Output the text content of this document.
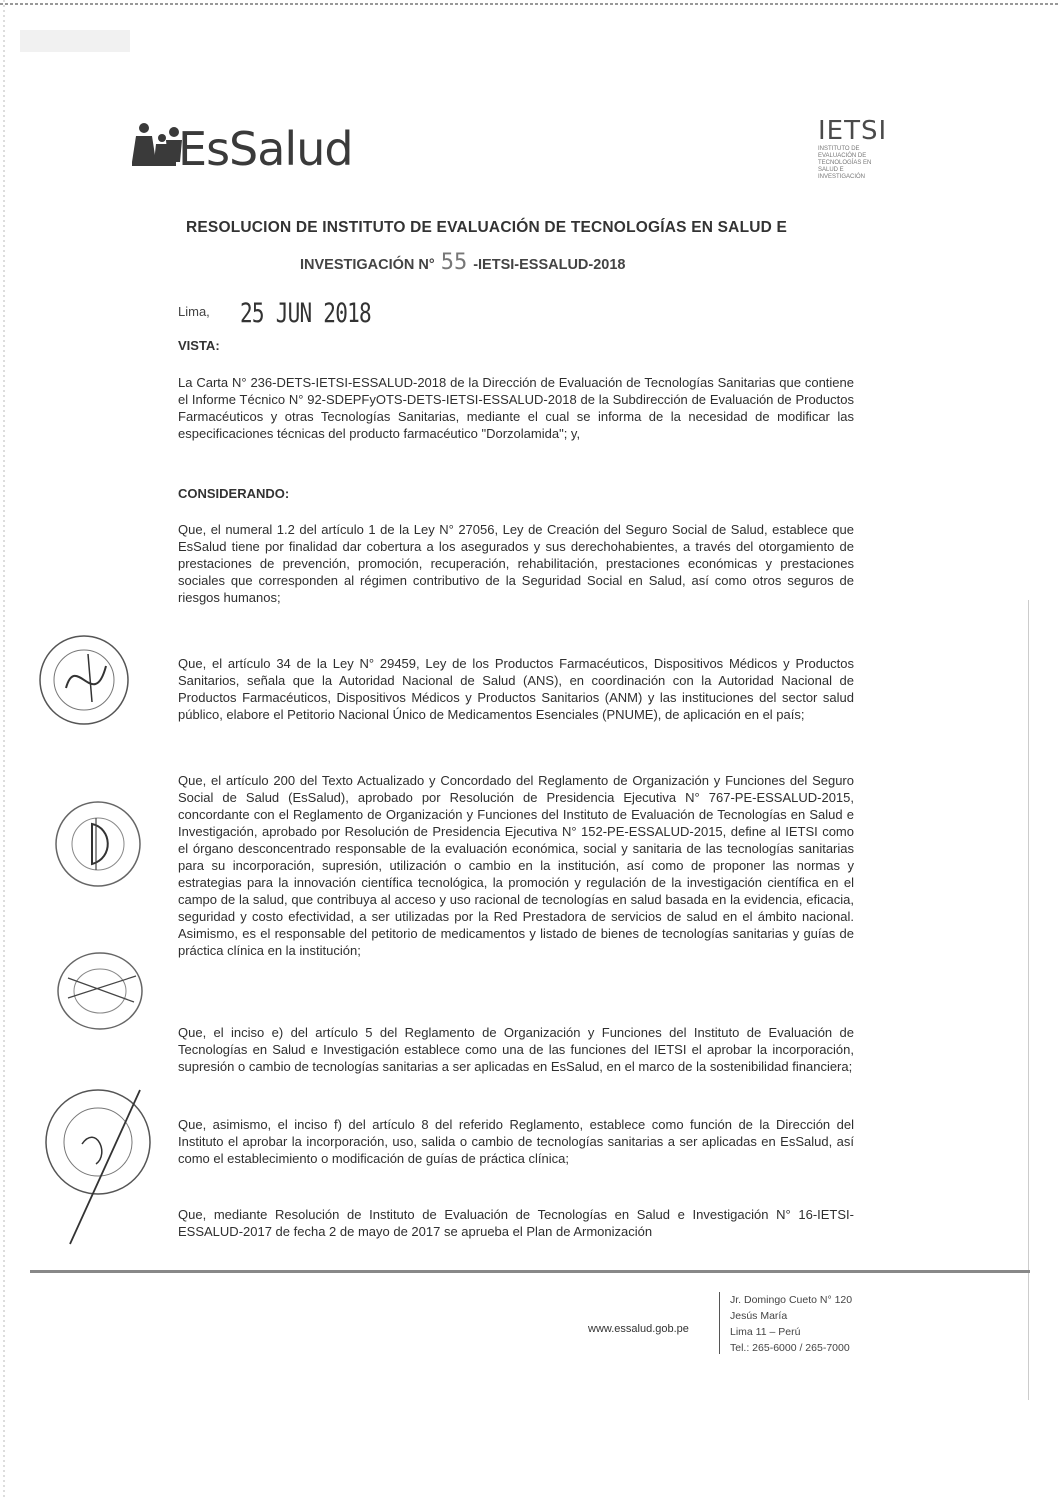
EsSalud	IETSI
INSTITUTO DE EVALUACIÓN DE TECNOLOGÍAS EN SALUD E INVESTIGACIÓN
RESOLUCION DE INSTITUTO DE EVALUACIÓN DE TECNOLOGÍAS EN SALUD E
INVESTIGACIÓN N° 55 -IETSI-ESSALUD-2018
Lima, 25 JUN 2018
VISTA:
La Carta N° 236-DETS-IETSI-ESSALUD-2018 de la Dirección de Evaluación de Tecnologías Sanitarias que contiene el Informe Técnico N° 92-SDEPFyOTS-DETS-IETSI-ESSALUD-2018 de la Subdirección de Evaluación de Productos Farmacéuticos y otras Tecnologías Sanitarias, mediante el cual se informa de la necesidad de modificar las especificaciones técnicas del producto farmacéutico "Dorzolamida"; y,
CONSIDERANDO:
Que, el numeral 1.2 del artículo 1 de la Ley N° 27056, Ley de Creación del Seguro Social de Salud, establece que EsSalud tiene por finalidad dar cobertura a los asegurados y sus derechohabientes, a través del otorgamiento de prestaciones de prevención, promoción, recuperación, rehabilitación, prestaciones económicas y prestaciones sociales que corresponden al régimen contributivo de la Seguridad Social en Salud, así como otros seguros de riesgos humanos;
Que, el artículo 34 de la Ley N° 29459, Ley de los Productos Farmacéuticos, Dispositivos Médicos y Productos Sanitarios, señala que la Autoridad Nacional de Salud (ANS), en coordinación con la Autoridad Nacional de Productos Farmacéuticos, Dispositivos Médicos y Productos Sanitarios (ANM) y las instituciones del sector salud público, elabore el Petitorio Nacional Único de Medicamentos Esenciales (PNUME), de aplicación en el país;
Que, el artículo 200 del Texto Actualizado y Concordado del Reglamento de Organización y Funciones del Seguro Social de Salud (EsSalud), aprobado por Resolución de Presidencia Ejecutiva N° 767-PE-ESSALUD-2015, concordante con el Reglamento de Organización y Funciones del Instituto de Evaluación de Tecnologías en Salud e Investigación, aprobado por Resolución de Presidencia Ejecutiva N° 152-PE-ESSALUD-2015, define al IETSI como el órgano desconcentrado responsable de la evaluación económica, social y sanitaria de las tecnologías sanitarias para su incorporación, supresión, utilización o cambio en la institución, así como de proponer las normas y estrategias para la innovación científica tecnológica, la promoción y regulación de la investigación científica en el campo de la salud, que contribuya al acceso y uso racional de tecnologías en salud basada en la evidencia, eficacia, seguridad y costo efectividad, a ser utilizadas por la Red Prestadora de servicios de salud en el ámbito nacional. Asimismo, es el responsable del petitorio de medicamentos y listado de bienes de tecnologías sanitarias y guías de práctica clínica en la institución;
Que, el inciso e) del artículo 5 del Reglamento de Organización y Funciones del Instituto de Evaluación de Tecnologías en Salud e Investigación establece como una de las funciones del IETSI el aprobar la incorporación, supresión o cambio de tecnologías sanitarias a ser aplicadas en EsSalud, en el marco de la sostenibilidad financiera;
Que, asimismo, el inciso f) del artículo 8 del referido Reglamento, establece como función de la Dirección del Instituto el aprobar la incorporación, uso, salida o cambio de tecnologías sanitarias a ser aplicadas en EsSalud, así como el establecimiento o modificación de guías de práctica clínica;
Que, mediante Resolución de Instituto de Evaluación de Tecnologías en Salud e Investigación N° 16-IETSI-ESSALUD-2017 de fecha 2 de mayo de 2017 se aprueba el Plan de Armonización
www.essalud.gob.pe
Jr. Domingo Cueto N° 120
Jesús María
Lima 11 – Perú
Tel.: 265-6000 / 265-7000
